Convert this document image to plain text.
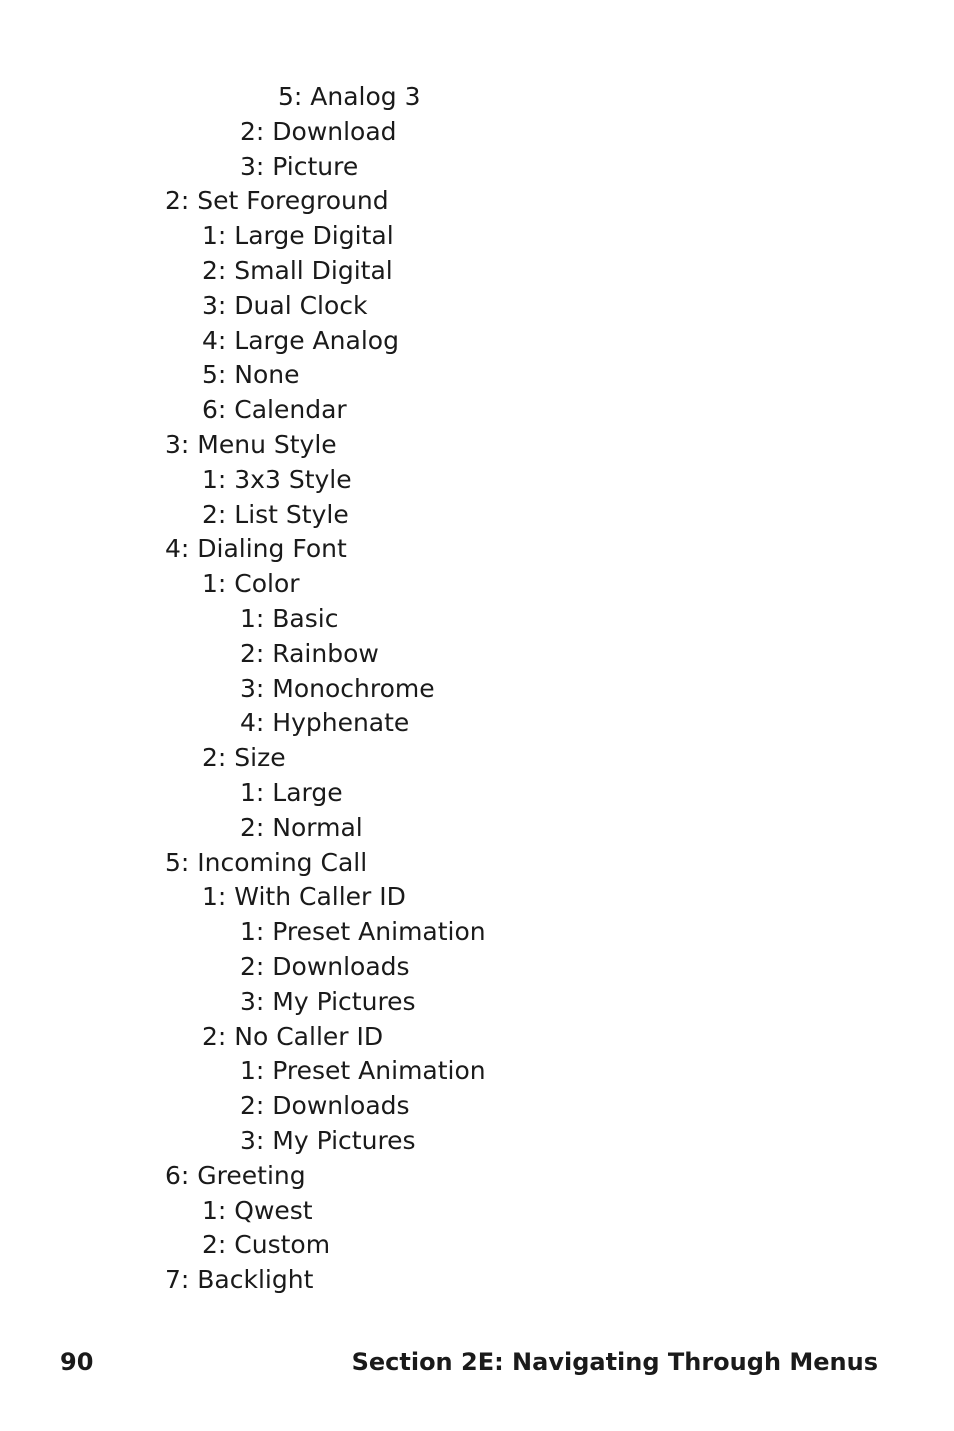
5: Analog 3
2: Download
3: Picture
2: Set Foreground
1: Large Digital
2: Small Digital
3: Dual Clock
4: Large Analog
5: None
6: Calendar
3: Menu Style
1: 3x3 Style
2: List Style
4: Dialing Font
1: Color
1: Basic
2: Rainbow
3: Monochrome
4: Hyphenate
2: Size
1: Large
2: Normal
5: Incoming Call
1: With Caller ID
1: Preset Animation
2: Downloads
3: My Pictures
2: No Caller ID
1: Preset Animation
2: Downloads
3: My Pictures
6: Greeting
1: Qwest
2: Custom
7: Backlight
90	Section 2E: Navigating Through Menus
